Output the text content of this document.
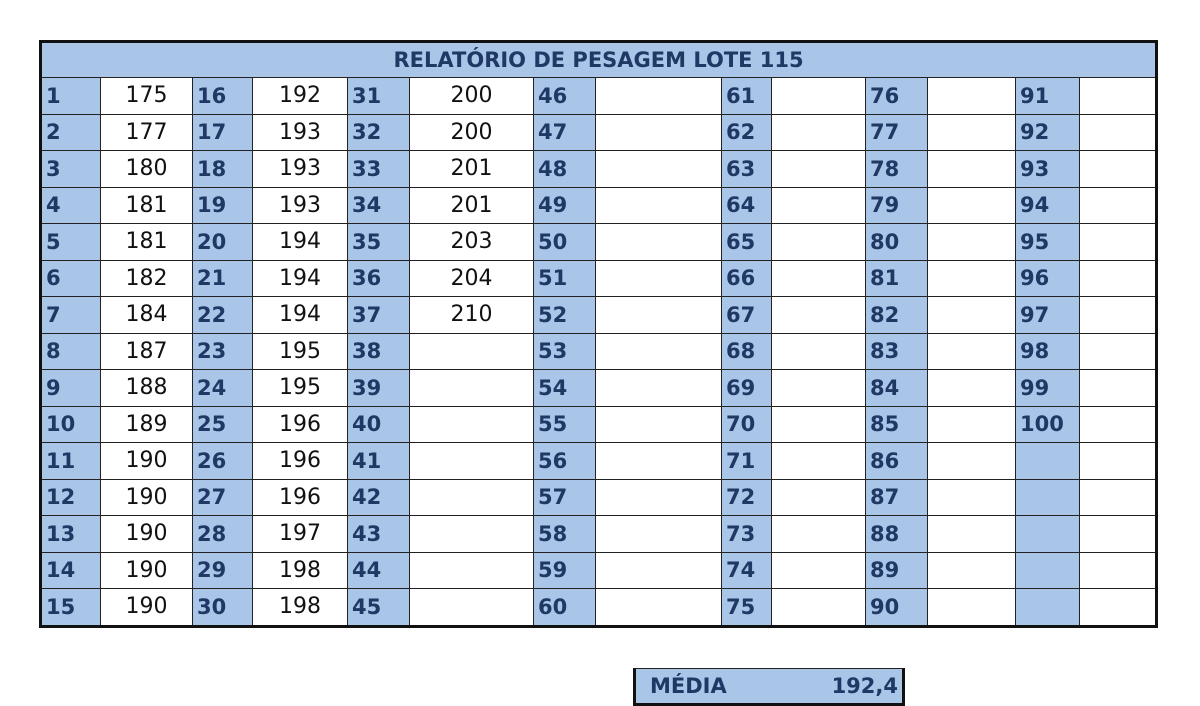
RELATÓRIO DE PESAGEM LOTE 115													
1	175	16	192	31	200	46		61		76		91	
2	177	17	193	32	200	47		62		77		92	
3	180	18	193	33	201	48		63		78		93	
4	181	19	193	34	201	49		64		79		94	
5	181	20	194	35	203	50		65		80		95	
6	182	21	194	36	204	51		66		81		96	
7	184	22	194	37	210	52		67		82		97	
8	187	23	195	38		53		68		83		98	
9	188	24	195	39		54		69		84		99	
10	189	25	196	40		55		70		85		100	
11	190	26	196	41		56		71		86			
12	190	27	196	42		57		72		87			
13	190	28	197	43		58		73		88			
14	190	29	198	44		59		74		89			
15	190	30	198	45		60		75		90			
MÉDIA	192,4
